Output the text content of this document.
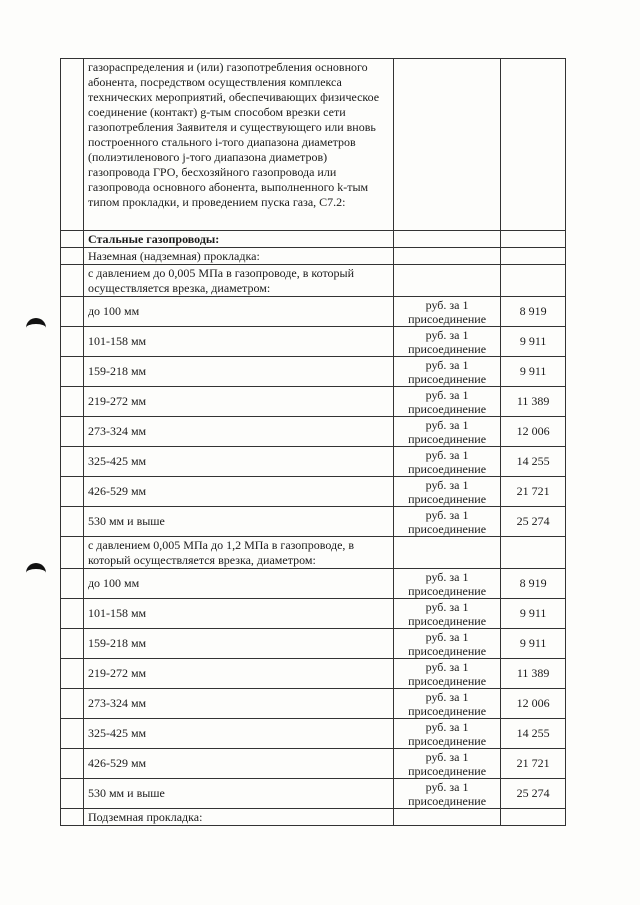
	газораспределения и (или) газопотребления основного абонента, посредством осуществления комплекса технических мероприятий, обеспечивающих физическое соединение (контакт) g-тым способом врезки сети газопотребления Заявителя и существующего или вновь построенного стального i-того диапазона диаметров (полиэтиленового j-того диапазона диаметров) газопровода ГРО, бесхозяйного газопровода или газопровода основного абонента, выполненного k-тым типом прокладки, и проведением пуска газа, С7.2:		
	Стальные газопроводы:		
	Наземная (надземная) прокладка:		
	с давлением до 0,005 МПа в газопроводе, в который осуществляется врезка, диаметром:		
	до 100 мм	руб. за 1 присоединение	8 919
	101-158 мм	руб. за 1 присоединение	9 911
	159-218 мм	руб. за 1 присоединение	9 911
	219-272 мм	руб. за 1 присоединение	11 389
	273-324 мм	руб. за 1 присоединение	12 006
	325-425 мм	руб. за 1 присоединение	14 255
	426-529 мм	руб. за 1 присоединение	21 721
	530 мм и выше	руб. за 1 присоединение	25 274
	с давлением 0,005 МПа до 1,2 МПа в газопроводе, в который осуществляется врезка, диаметром:		
	до 100 мм	руб. за 1 присоединение	8 919
	101-158 мм	руб. за 1 присоединение	9 911
	159-218 мм	руб. за 1 присоединение	9 911
	219-272 мм	руб. за 1 присоединение	11 389
	273-324 мм	руб. за 1 присоединение	12 006
	325-425 мм	руб. за 1 присоединение	14 255
	426-529 мм	руб. за 1 присоединение	21 721
	530 мм и выше	руб. за 1 присоединение	25 274
	Подземная прокладка:		
